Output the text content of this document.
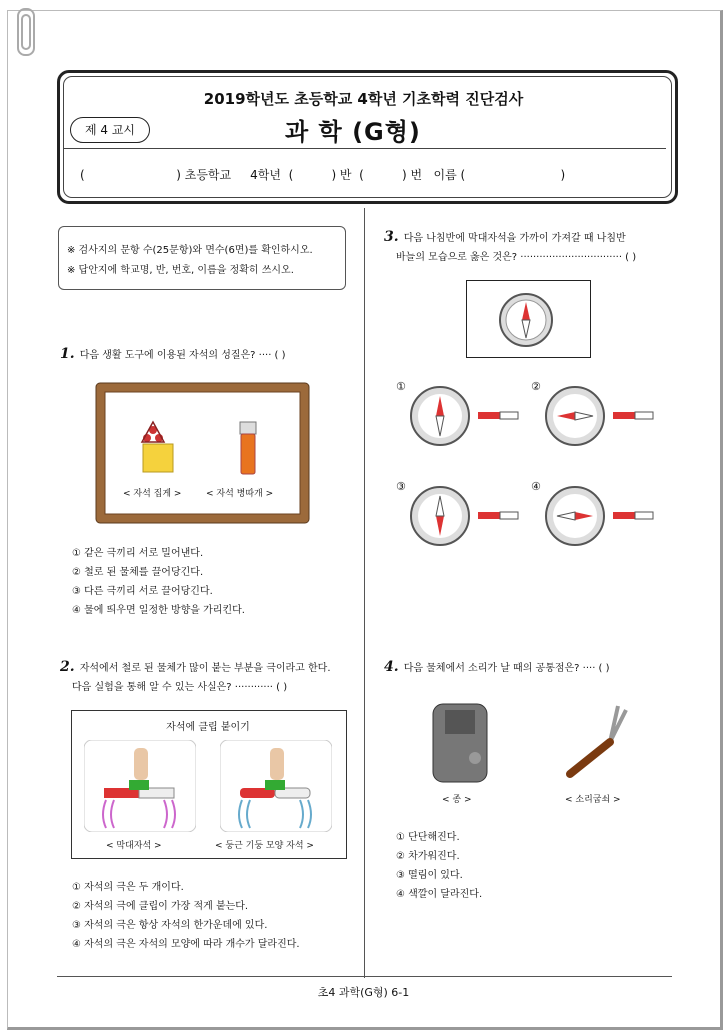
2019학년도 초등학교 4학년 기초학력 진단검사
제 4 교시	과 학 (G형)
(                        ) 초등학교     4학년  (          ) 반  (          ) 번   이름 (                         )
※ 검사지의 문항 수(25문항)와 면수(6면)를 확인하시오.
※ 답안지에 학교명, 반, 번호, 이름을 정확히 쓰시오.
1. 다음 생활 도구에 이용된 자석의 성질은? ···· ( )
< 자석 집게 >	< 자석 병따개 >
① 같은 극끼리 서로 밀어낸다.
② 철로 된 물체를 끌어당긴다.
③ 다른 극끼리 서로 끌어당긴다.
④ 물에 띄우면 일정한 방향을 가리킨다.
2. 자석에서 철로 된 물체가 많이 붙는 부분을 극이라고 한다.
다음 실험을 통해 알 수 있는 사실은? ············ ( )
자석에 클립 붙이기
< 막대자석 >	< 둥근 기둥 모양 자석 >
① 자석의 극은 두 개이다.
② 자석의 극에 클립이 가장 적게 붙는다.
③ 자석의 극은 항상 자석의 한가운데에 있다.
④ 자석의 극은 자석의 모양에 따라 개수가 달라진다.
3. 다음 나침반에 막대자석을 가까이 가져갈 때 나침반
바늘의 모습으로 옳은 것은? ································ ( )
①	②
③	④
4. 다음 물체에서 소리가 날 때의 공통점은? ···· ( )
< 종 >	< 소리굽쇠 >
① 단단해진다.
② 차가워진다.
③ 떨림이 있다.
④ 색깔이 달라진다.
초4 과학(G형) 6-1
